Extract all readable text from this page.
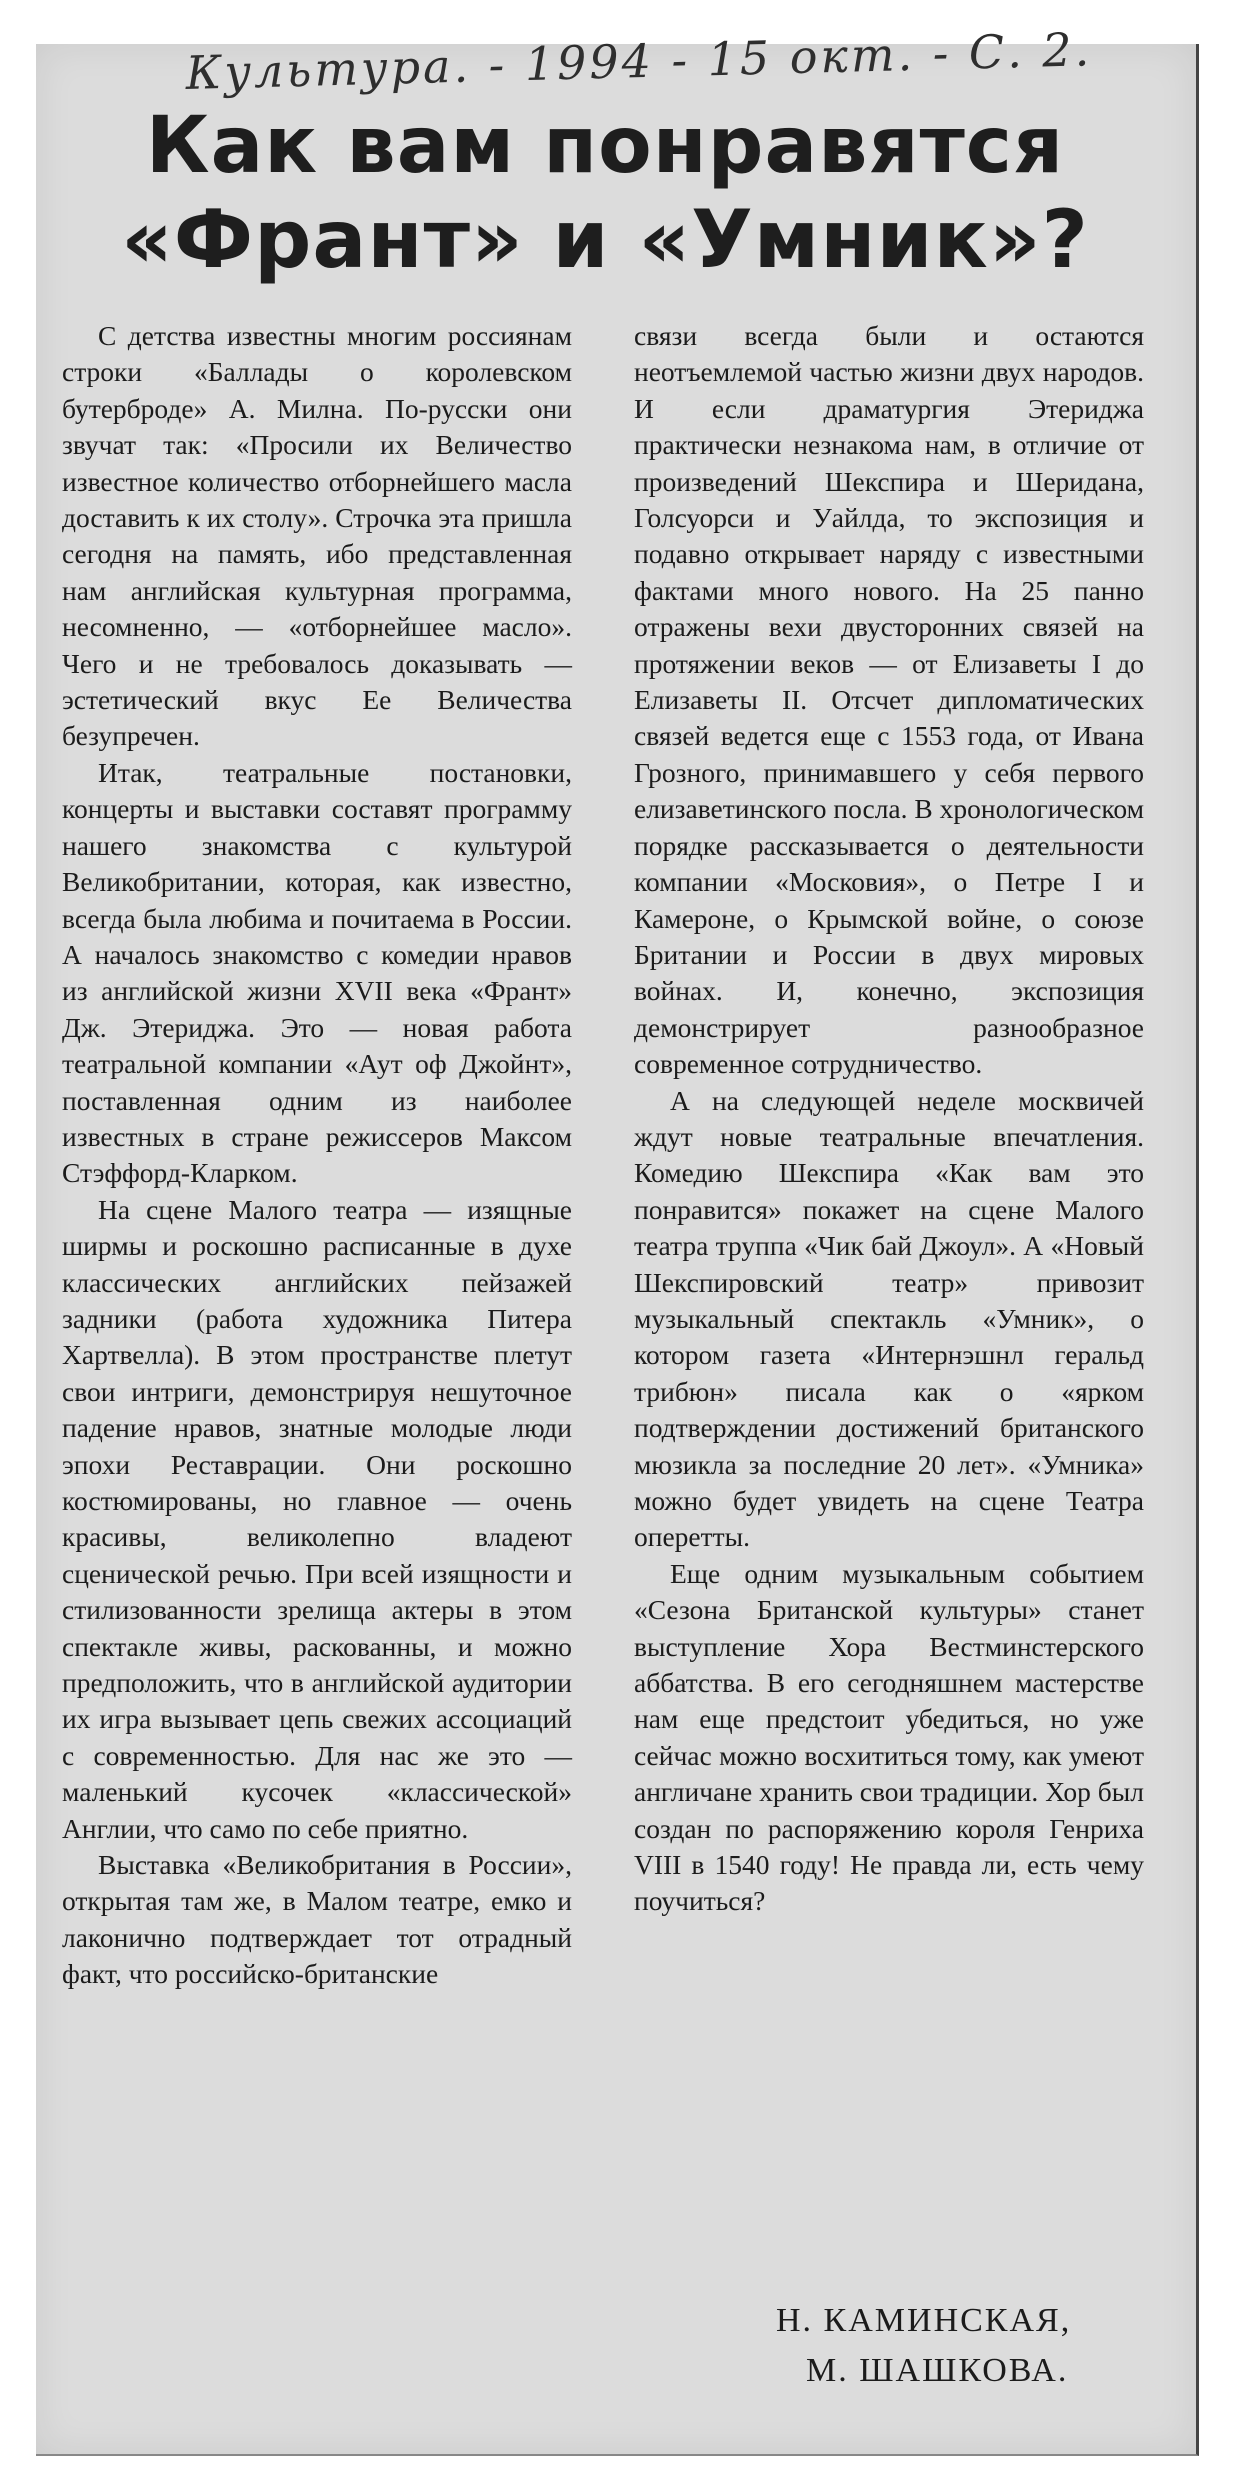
Культура. - 1994 - 15 окт. - С. 2.
Как вам понравятся
«Франт» и «Умник»?

С детства известны многим россиянам строки «Баллады о королевском бутерброде» А. Милна. По-русски они звучат так: «Просили их Величество известное количество отборнейшего масла доставить к их столу». Строчка эта пришла сегодня на память, ибо представленная нам английская культурная программа, несомненно, — «отборнейшее масло». Чего и не требовалось доказывать — эстетический вкус Ее Величества безупречен.

Итак, театральные постановки, концерты и выставки составят программу нашего знакомства с культурой Великобритании, которая, как известно, всегда была любима и почитаема в России. А началось знакомство с комедии нравов из английской жизни XVII века «Франт» Дж. Этериджа. Это — новая работа театральной компании «Аут оф Джойнт», поставленная одним из наиболее известных в стране режиссеров Максом Стэффорд-Кларком.

На сцене Малого театра — изящные ширмы и роскошно расписанные в духе классических английских пейзажей задники (работа художника Питера Хартвелла). В этом пространстве плетут свои интриги, демонстрируя нешуточное падение нравов, знатные молодые люди эпохи Реставрации. Они роскошно костюмированы, но главное — очень красивы, великолепно владеют сценической речью. При всей изящности и стилизованности зрелища актеры в этом спектакле живы, раскованны, и можно предположить, что в английской аудитории их игра вызывает цепь свежих ассоциаций с современностью. Для нас же это — маленький кусочек «классической» Англии, что само по себе приятно.

Выставка «Великобритания в России», открытая там же, в Малом театре, емко и лаконично подтверждает тот отрадный факт, что российско-британские

связи всегда были и остаются неотъемлемой частью жизни двух народов. И если драматургия Этериджа практически незнакома нам, в отличие от произведений Шекспира и Шеридана, Голсуорси и Уайлда, то экспозиция и подавно открывает наряду с известными фактами много нового. На 25 панно отражены вехи двусторонних связей на протяжении веков — от Елизаветы I до Елизаветы II. Отсчет дипломатических связей ведется еще с 1553 года, от Ивана Грозного, принимавшего у себя первого елизаветинского посла. В хронологическом порядке рассказывается о деятельности компании «Московия», о Петре I и Камероне, о Крымской войне, о союзе Британии и России в двух мировых войнах. И, конечно, экспозиция демонстрирует разнообразное современное сотрудничество.

А на следующей неделе москвичей ждут новые театральные впечатления. Комедию Шекспира «Как вам это понравится» покажет на сцене Малого театра труппа «Чик бай Джоул». А «Новый Шекспировский театр» привозит музыкальный спектакль «Умник», о котором газета «Интернэшнл геральд трибюн» писала как о «ярком подтверждении достижений британского мюзикла за последние 20 лет». «Умника» можно будет увидеть на сцене Театра оперетты.

Еще одним музыкальным событием «Сезона Британской культуры» станет выступление Хора Вестминстерского аббатства. В его сегодняшнем мастерстве нам еще предстоит убедиться, но уже сейчас можно восхититься тому, как умеют англичане хранить свои традиции. Хор был создан по распоряжению короля Генриха VIII в 1540 году! Не правда ли, есть чему поучиться?

Н. КАМИНСКАЯ,
М. ШАШКОВА.
